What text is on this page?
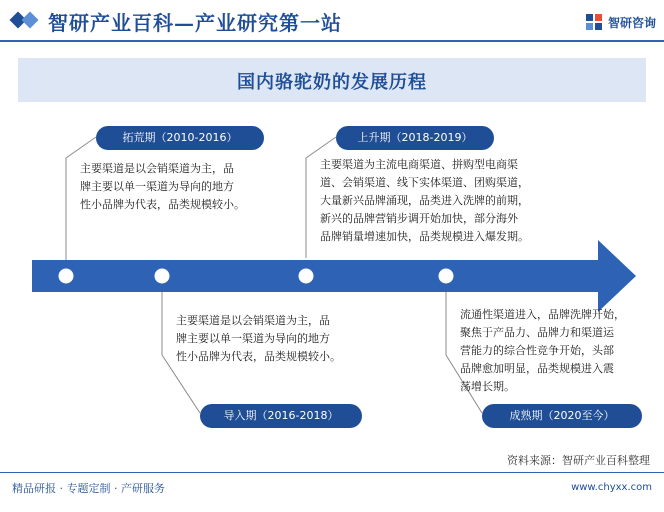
智研产业百科—产业研究第一站	智研咨询
国内骆驼奶的发展历程
拓荒期（2010-2016）
主要渠道是以会销渠道为主，品
牌主要以单一渠道为导向的地方
性小品牌为代表，品类规模较小。
上升期（2018-2019）
主要渠道为主流电商渠道、拼购型电商渠
道、会销渠道、线下实体渠道、团购渠道，
大量新兴品牌涌现，品类进入洗牌的前期，
新兴的品牌营销步调开始加快，部分海外
品牌销量增速加快，品类规模进入爆发期。
主要渠道是以会销渠道为主，品
牌主要以单一渠道为导向的地方
性小品牌为代表，品类规模较小。
导入期（2016-2018）
流通性渠道进入，品牌洗牌开始，
聚焦于产品力、品牌力和渠道运
营能力的综合性竞争开始，头部
品牌愈加明显，品类规模进入震
荡增长期。
成熟期（2020至今）
资料来源：智研产业百科整理
精品研报 · 专题定制 · 产研服务	www.chyxx.com
